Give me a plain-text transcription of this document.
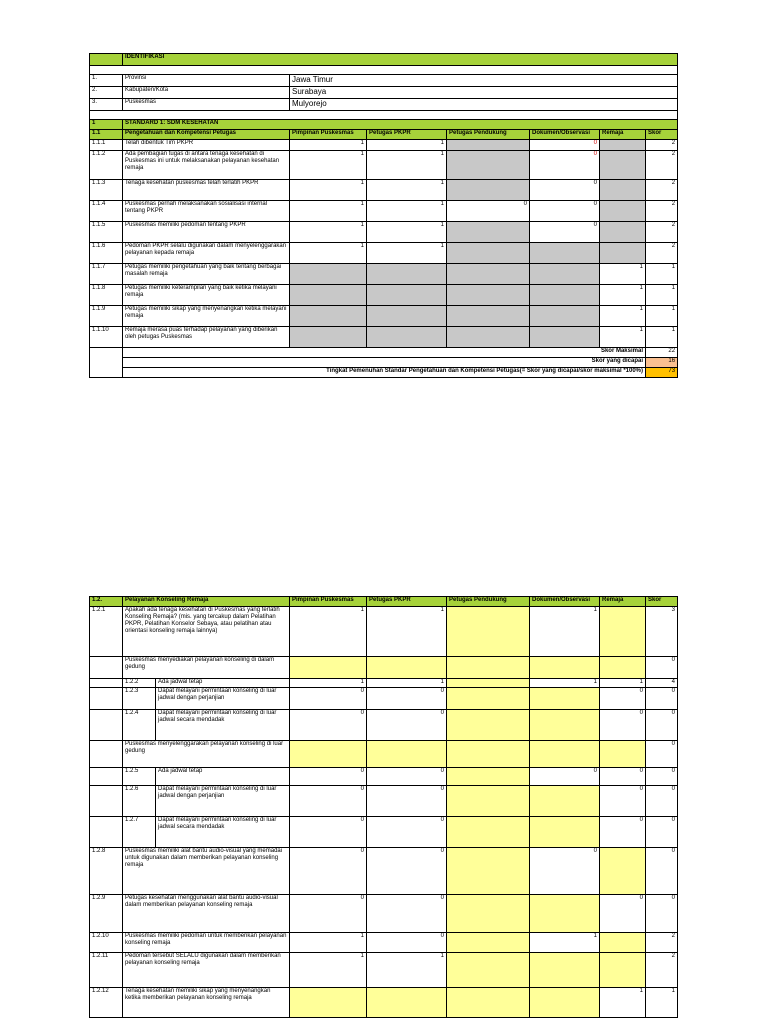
	IDENTIFIKASI						

1.	Provinsi	Jawa Timur					
2.	Kabupaten/Kota	Surabaya					
3.	Puskesmas	Mulyorejo					

1	STANDARD 1: SDM KESEHATAN						
1.1	Pengetahuan dan Kompetensi Petugas	Pimpinan Puskesmas	Petugas PKPR	Petugas Pendukung	Dokumen/Observasi	Remaja	Skor
1.1.1	Telah dibentuk Tim PKPR	1	1		0		2
1.1.2	Ada pembagian tugas di antara tenaga kesehatan di Puskesmas ini untuk melaksanakan pelayanan kesehatan remaja	1	1		0		2
1.1.3	Tenaga kesehatan puskesmas telah terlatih PKPR	1	1		0		2
1.1.4	Puskesmas pernah melaksanakan sosialisasi internal tentang PKPR	1	1	0	0		2
1.1.5	Puskesmas memiliki pedoman tentang PKPR	1	1		0		2
1.1.6	Pedoman PKPR selalu digunakan dalam menyelenggarakan pelayanan kepada remaja	1	1				2
1.1.7	Petugas memiliki pengetahuan yang baik tentang berbagai masalah remaja					1	1
1.1.8	Petugas memiliki keterampilan yang baik ketika melayani remaja					1	1
1.1.9	Petugas memiliki sikap yang menyenangkan ketika melayani remaja					1	1
1.1.10	Remaja merasa puas terhadap pelayanan yang diberikan oleh petugas Puskesmas					1	1
	Skor Maksimal						22
	Skor yang dicapai						16
	Tingkat Pemenuhan Standar Pengetahuan dan Kompetensi Petugas(= Skor yang dicapai/skor maksimal *100%)						73
1.2.	Pelayanan Konseling Remaja		Pimpinan Puskesmas	Petugas PKPR	Petugas Pendukung	Dokumen/Observasi	Remaja	Skor
1.2.1	Apakah ada tenaga kesehatan di Puskesmas yang terlatih Konseling Remaja? (mis. yang tercakup dalam Pelatihan PKPR, Pelatihan Konselor Sebaya, atau pelatihan atau orientasi konseling remaja lainnya)		1	1		1		3
	Puskesmas menyediakan pelayanan konseling di dalam gedung							0
	1.2.2	Ada jadwal tetap	1	1		1	1	4
	1.2.3	Dapat melayani permintaan konseling di luar jadwal dengan perjanjian	0	0			0	0
	1.2.4	Dapat melayani permintaan konseling di luar jadwal secara mendadak	0	0			0	0
	Puskesmas menyelenggarakan pelayanan konseling di luar gedung							0
	1.2.5	Ada jadwal tetap	0	0		0	0	0
	1.2.6	Dapat melayani permintaan konseling di luar jadwal dengan perjanjian	0	0			0	0
	1.2.7	Dapat melayani permintaan konseling di luar jadwal secara mendadak	0	0			0	0
1.2.8	Puskesmas memiliki alat bantu audio-visual yang memadai untuk digunakan dalam memberikan pelayanan konseling remaja		0	0		0		0
1.2.9	Petugas kesehatan menggunakan alat bantu audio-visual dalam memberikan pelayanan konseling remaja		0	0			0	0
1.2.10	Puskesmas memiliki pedoman untuk memberikan pelayanan konseling remaja		1	0		1		2
1.2.11	Pedoman tersebut SELALU digunakan dalam memberikan pelayanan konseling remaja		1	1				2
1.2.12	Tenaga kesehatan memiliki sikap yang menyenangkan ketika memberikan pelayanan konseling remaja						1	1
